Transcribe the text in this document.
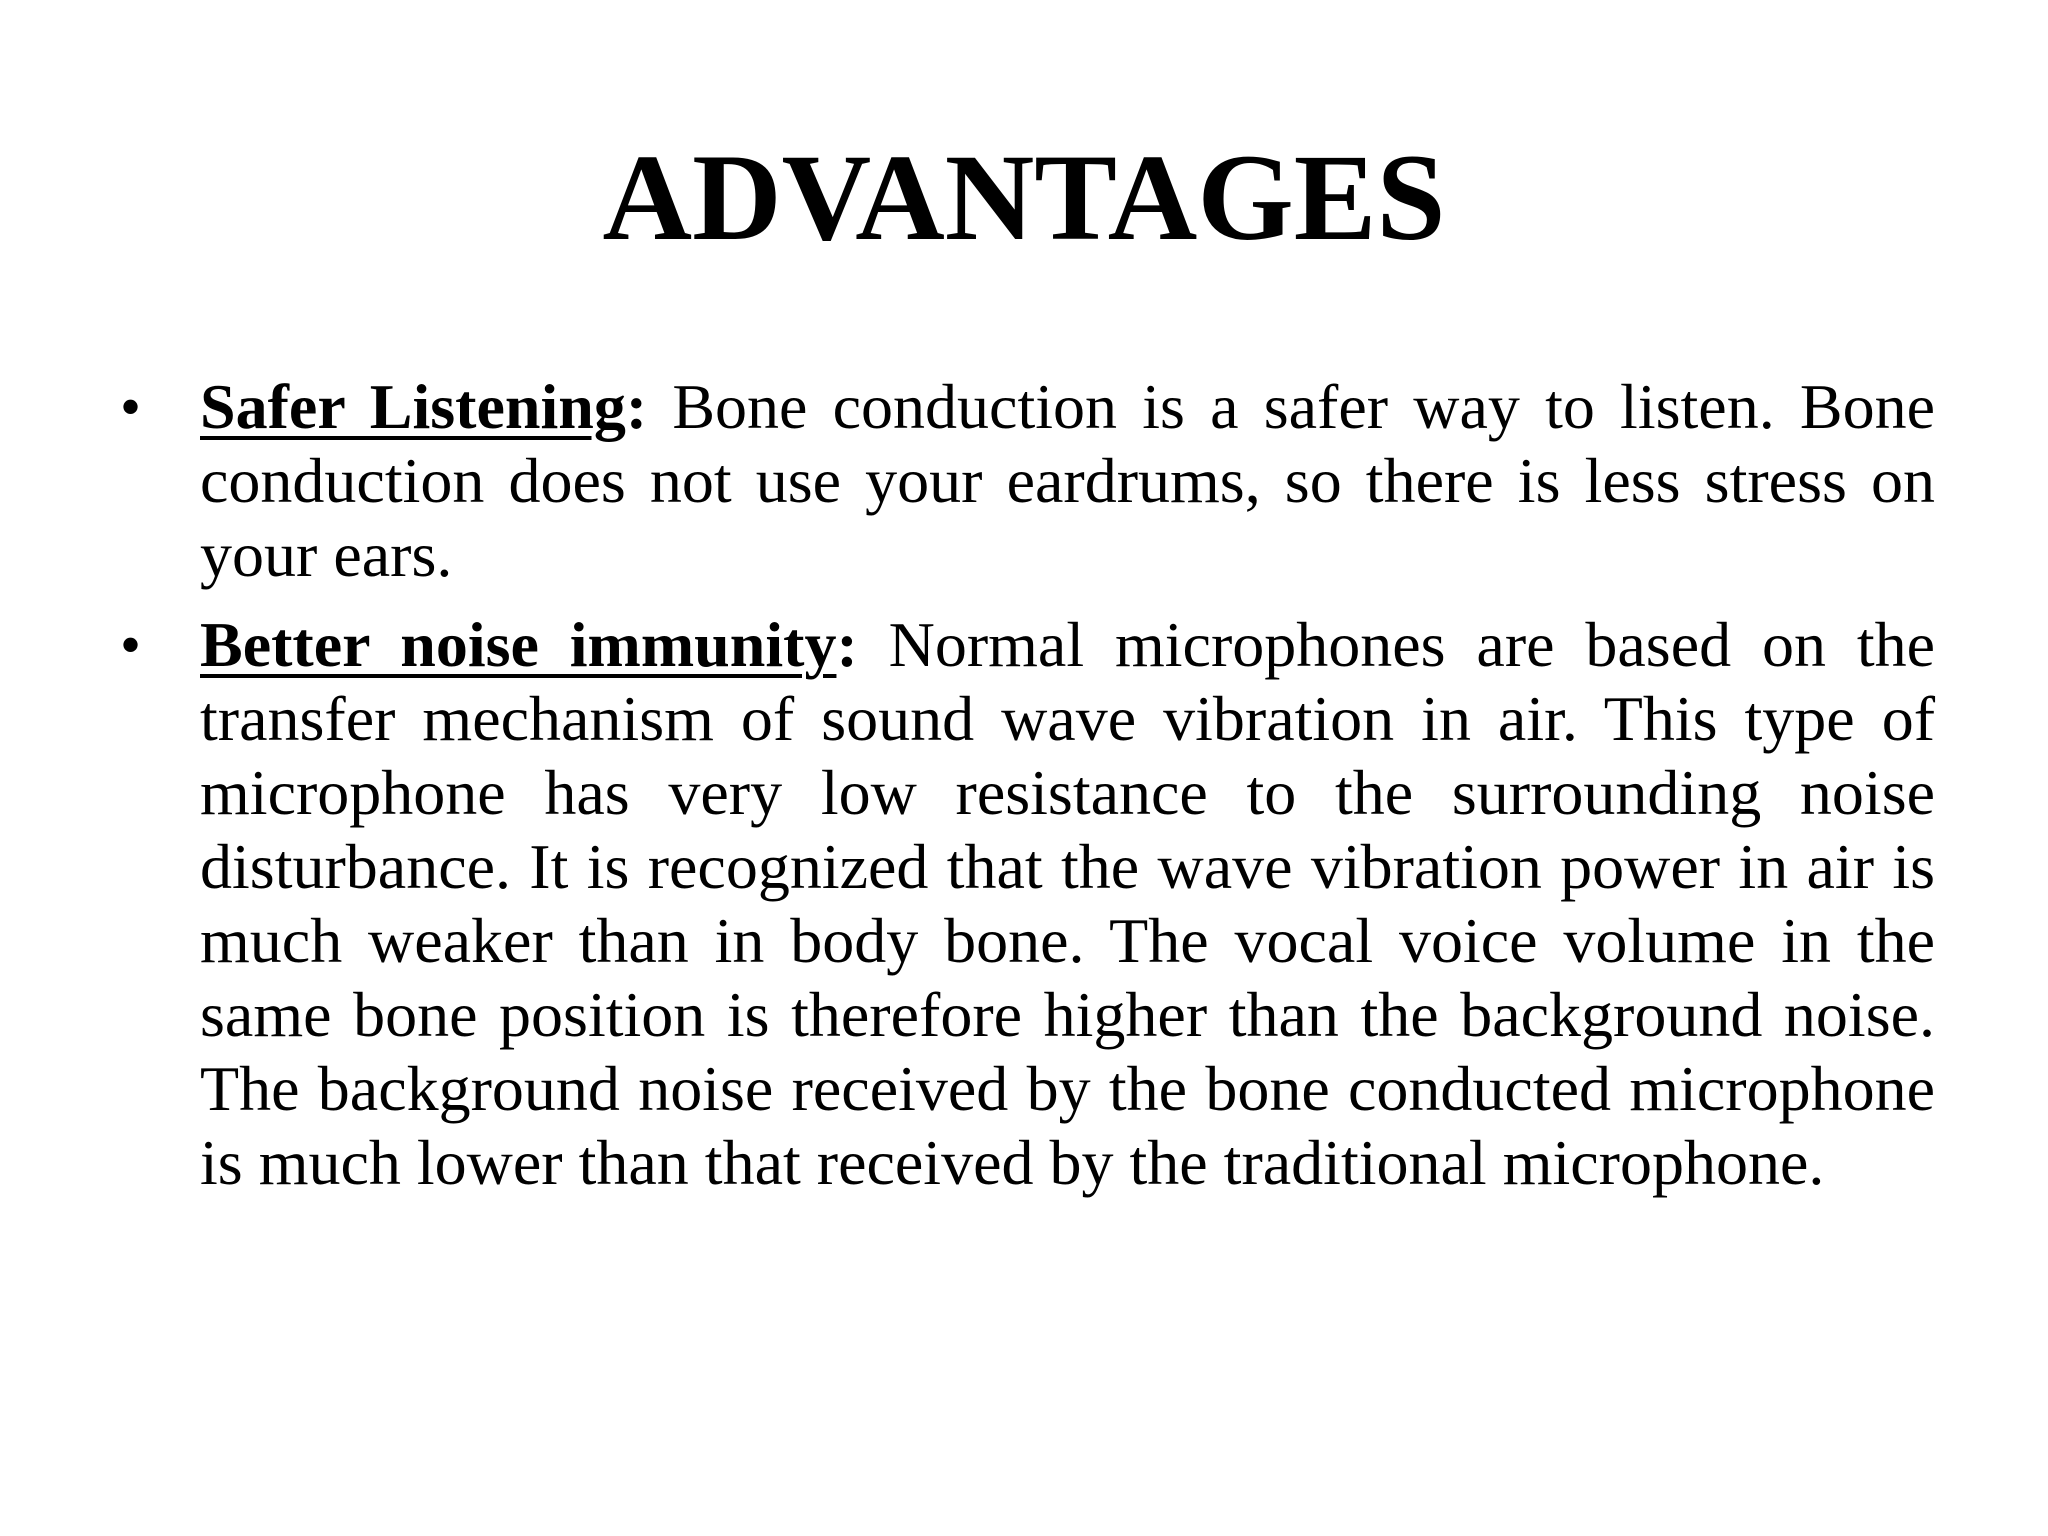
ADVANTAGES
• Safer Listening: Bone conduction is a safer way to listen. Bone conduction does not use your eardrums, so there is less stress on your ears.
• Better noise immunity: Normal microphones are based on the transfer mechanism of sound wave vibration in air. This type of microphone has very low resistance to the surrounding noise disturbance. It is recognized that the wave vibration power in air is much weaker than in body bone. The vocal voice volume in the same bone position is therefore higher than the background noise. The background noise received by the bone conducted microphone is much lower than that received by the traditional microphone.
